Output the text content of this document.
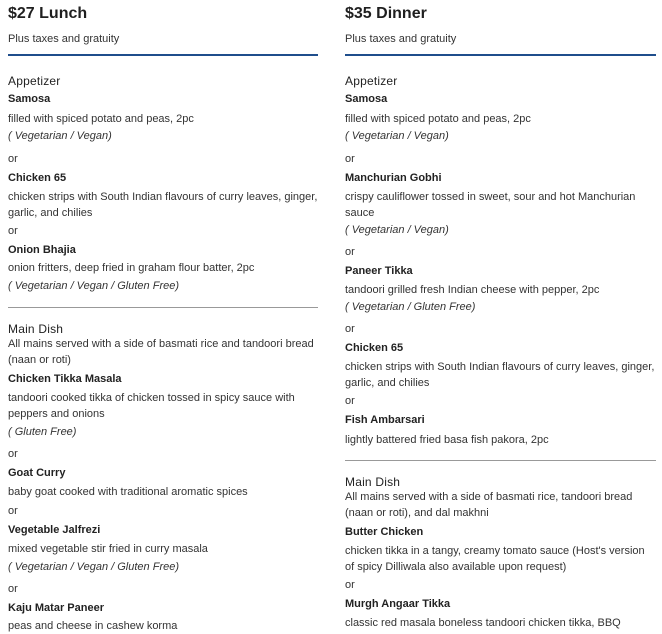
$27 Lunch
Plus taxes and gratuity
Appetizer
Samosa
filled with spiced potato and peas, 2pc
( Vegetarian / Vegan)
or
Chicken 65
chicken strips with South Indian flavours of curry leaves, ginger, garlic, and chilies
or
Onion Bhajia
onion fritters, deep fried in graham flour batter, 2pc
( Vegetarian / Vegan / Gluten Free)
Main Dish
All mains served with a side of basmati rice and tandoori bread (naan or roti)
Chicken Tikka Masala
tandoori cooked tikka of chicken tossed in spicy sauce with peppers and onions
( Gluten Free)
or
Goat Curry
baby goat cooked with traditional aromatic spices
or
Vegetable Jalfrezi
mixed vegetable stir fried in curry masala
( Vegetarian / Vegan / Gluten Free)
or
Kaju Matar Paneer
peas and cheese in cashew korma
$35 Dinner
Plus taxes and gratuity
Appetizer
Samosa
filled with spiced potato and peas, 2pc
( Vegetarian / Vegan)
or
Manchurian Gobhi
crispy cauliflower tossed in sweet, sour and hot Manchurian sauce
( Vegetarian / Vegan)
or
Paneer Tikka
tandoori grilled fresh Indian cheese with pepper, 2pc
( Vegetarian / Gluten Free)
or
Chicken 65
chicken strips with South Indian flavours of curry leaves, ginger, garlic, and chilies
or
Fish Ambarsari
lightly battered fried basa fish pakora, 2pc
Main Dish
All mains served with a side of basmati rice, tandoori bread (naan or roti), and dal makhni
Butter Chicken
chicken tikka in a tangy, creamy tomato sauce (Host's version of spicy Dilliwala also available upon request)
or
Murgh Angaar Tikka
classic red masala boneless tandoori chicken tikka, BBQ
